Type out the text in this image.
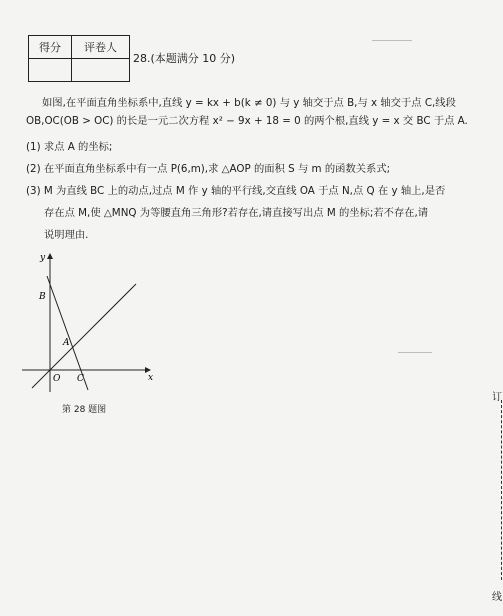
得分	评卷人

28.(本题满分 10 分)
如图,在平面直角坐标系中,直线 y = kx + b(k ≠ 0) 与 y 轴交于点 B,与 x 轴交于点 C,线段
OB,OC(OB > OC) 的长是一元二次方程 x² − 9x + 18 = 0 的两个根,直线 y = x 交 BC 于点 A.
(1) 求点 A 的坐标;
(2) 在平面直角坐标系中有一点 P(6,m),求 △AOP 的面积 S 与 m 的函数关系式;
(3) M 为直线 BC 上的动点,过点 M 作 y 轴的平行线,交直线 OA 于点 N,点 Q 在 y 轴上,是否
存在点 M,使 △MNQ 为等腰直角三角形?若存在,请直接写出点 M 的坐标;若不存在,请
说明理由.
y
x
B
A
O C
第 28 题图
订
线
